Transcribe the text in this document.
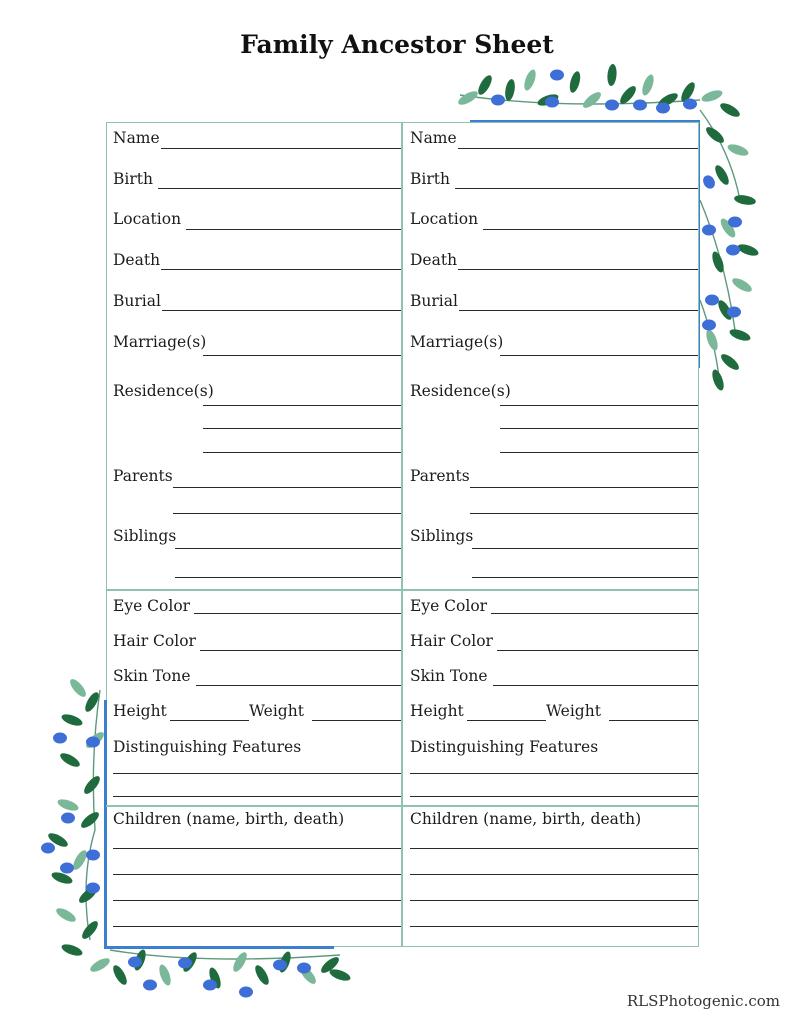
Family Ancestor Sheet
Name
Birth
Location
Death
Burial
Marriage(s)
Residence(s)
Parents
Siblings
Eye Color
Hair Color
Skin Tone
Height	Weight
Distinguishing Features
Children (name, birth, death)
Name
Birth
Location
Death
Burial
Marriage(s)
Residence(s)
Parents
Siblings
Eye Color
Hair Color
Skin Tone
Height	Weight
Distinguishing Features
Children (name, birth, death)
RLSPhotogenic.com
